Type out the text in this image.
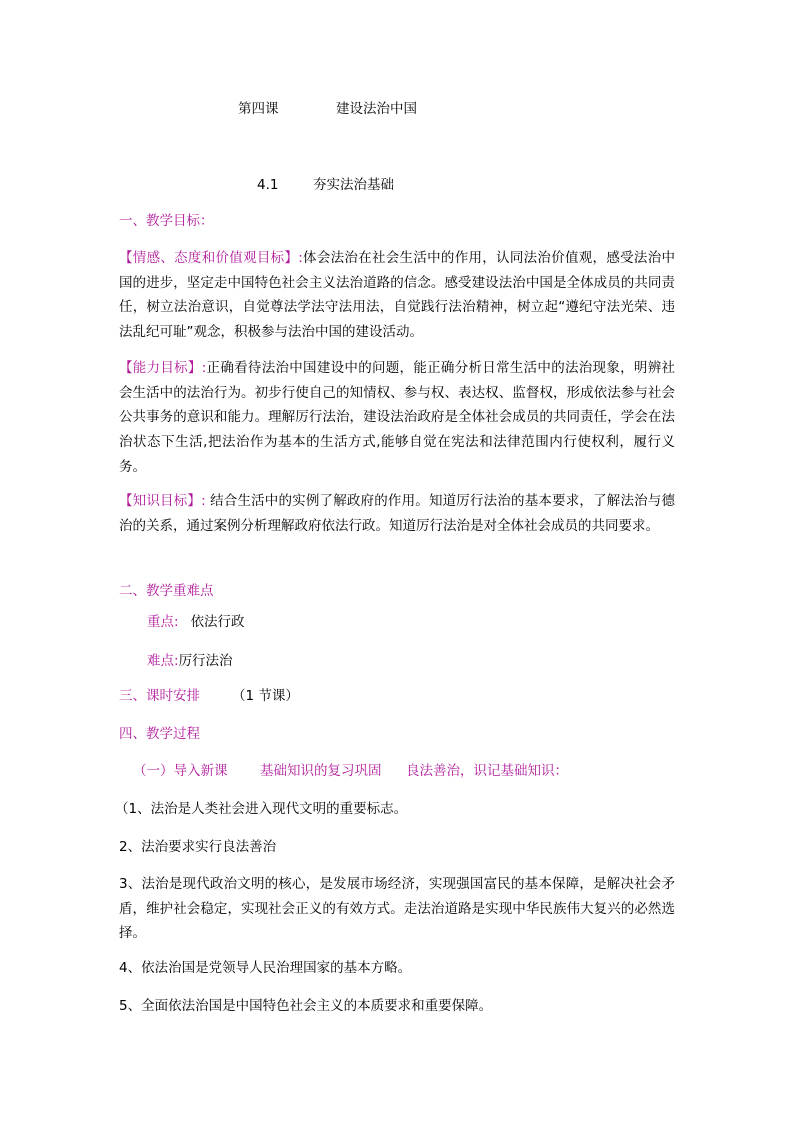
第四课	建设法治中国
4.1	夯实法治基础
一、教学目标：
【情感、态度和价值观目标】:体会法治在社会生活中的作用，认同法治价值观，感受法治中国的进步，坚定走中国特色社会主义法治道路的信念。感受建设法治中国是全体成员的共同责任，树立法治意识，自觉尊法学法守法用法，自觉践行法治精神，树立起“遵纪守法光荣、违法乱纪可耻”观念，积极参与法治中国的建设活动。
【能力目标】:正确看待法治中国建设中的问题，能正确分析日常生活中的法治现象，明辨社会生活中的法治行为。初步行使自己的知情权、参与权、表达权、监督权，形成依法参与社会公共事务的意识和能力。理解厉行法治，建设法治政府是全体社会成员的共同责任，学会在法治状态下生活,把法治作为基本的生活方式,能够自觉在宪法和法律范围内行使权利，履行义务。
【知识目标】: 结合生活中的实例了解政府的作用。知道厉行法治的基本要求，了解法治与德治的关系，通过案例分析理解政府依法行政。知道厉行法治是对全体社会成员的共同要求。
二、教学重难点
重点: 依法行政
难点:厉行法治
三、课时安排 （1 节课）
四、教学过程
（一）导入新课 基础知识的复习巩固 良法善治，识记基础知识：
（1、法治是人类社会进入现代文明的重要标志。
2、法治要求实行良法善治
3、法治是现代政治文明的核心，是发展市场经济，实现强国富民的基本保障，是解决社会矛盾，维护社会稳定，实现社会正义的有效方式。走法治道路是实现中华民族伟大复兴的必然选择。
4、依法治国是党领导人民治理国家的基本方略。
5、全面依法治国是中国特色社会主义的本质要求和重要保障。
